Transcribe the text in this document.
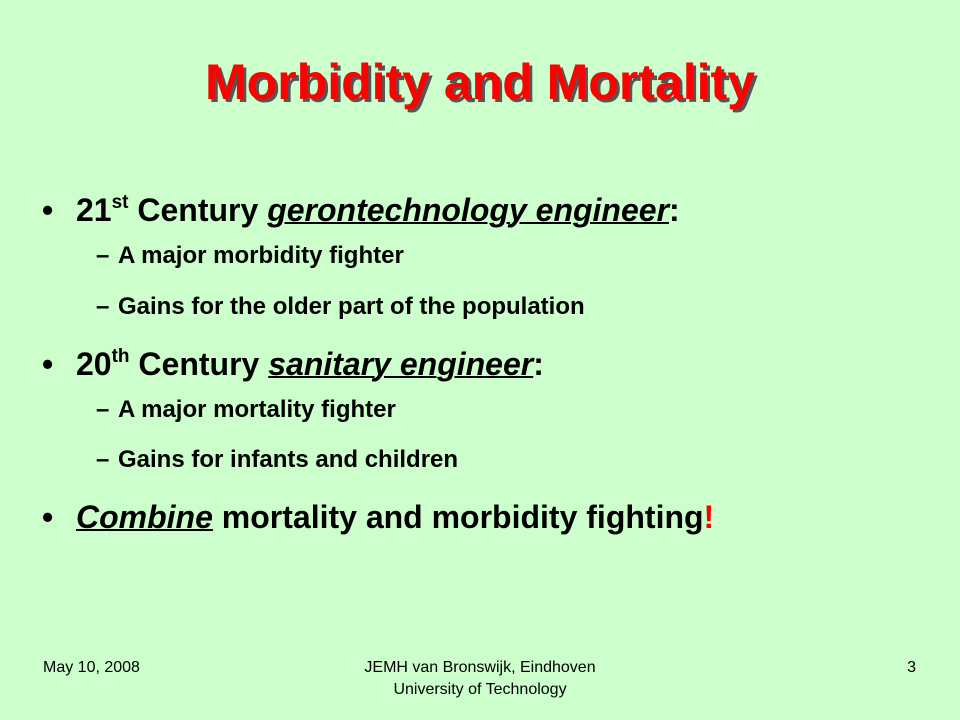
Morbidity and Mortality
• 21st Century gerontechnology engineer:
– A major morbidity fighter
– Gains for the older part of the population
• 20th Century sanitary engineer:
– A major mortality fighter
– Gains for infants and children
• Combine mortality and morbidity fighting!
May 10, 2008	JEMH van Bronswijk, Eindhoven
University of Technology
3
